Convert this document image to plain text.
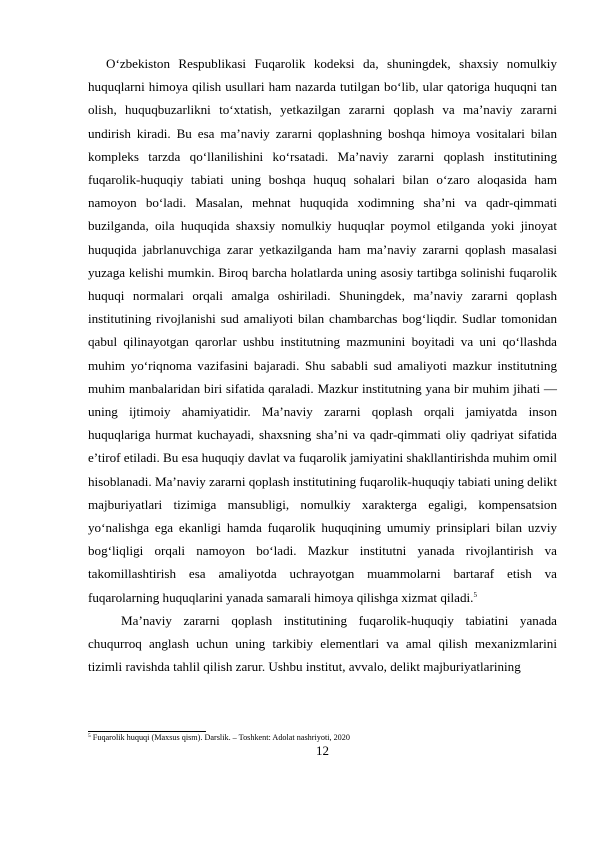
O‘zbekiston Respublikasi Fuqarolik kodeksi da, shuningdek, shaxsiy nomulkiy huquqlarni himoya qilish usullari ham nazarda tutilgan bo‘lib, ular qatoriga huquqni tan olish, huquqbuzarlikni to‘xtatish, yetkazilgan zararni qoplash va ma’naviy zararni undirish kiradi. Bu esa ma’naviy zararni qoplashning boshqa himoya vositalari bilan kompleks tarzda qo‘llanilishini ko‘rsatadi. Ma’naviy zararni qoplash institutining fuqarolik-huquqiy tabiati uning boshqa huquq sohalari bilan o‘zaro aloqasida ham namoyon bo‘ladi. Masalan, mehnat huquqida xodimning sha’ni va qadr-qimmati buzilganda, oila huquqida shaxsiy nomulkiy huquqlar poymol etilganda yoki jinoyat huquqida jabrlanuvchiga zarar yetkazilganda ham ma’naviy zararni qoplash masalasi yuzaga kelishi mumkin. Biroq barcha holatlarda uning asosiy tartibga solinishi fuqarolik huquqi normalari orqali amalga oshiriladi. Shuningdek, ma’naviy zararni qoplash institutining rivojlanishi sud amaliyoti bilan chambarchas bog‘liqdir. Sudlar tomonidan qabul qilinayotgan qarorlar ushbu institutning mazmunini boyitadi va uni qo‘llashda muhim yo‘riqnoma vazifasini bajaradi. Shu sababli sud amaliyoti mazkur institutning muhim manbalaridan biri sifatida qaraladi. Mazkur institutning yana bir muhim jihati — uning ijtimoiy ahamiyatidir. Ma’naviy zararni qoplash orqali jamiyatda inson huquqlariga hurmat kuchayadi, shaxsning sha’ni va qadr-qimmati oliy qadriyat sifatida e’tirof etiladi. Bu esa huquqiy davlat va fuqarolik jamiyatini shakllantirishda muhim omil hisoblanadi. Ma’naviy zararni qoplash institutining fuqarolik-huquqiy tabiati uning delikt majburiyatlari tizimiga mansubligi, nomulkiy xarakterga egaligi, kompensatsion yo‘nalishga ega ekanligi hamda fuqarolik huquqining umumiy prinsiplari bilan uzviy bog‘liqligi orqali namoyon bo‘ladi. Mazkur institutni yanada rivojlantirish va takomillashtirish esa amaliyotda uchrayotgan muammolarni bartaraf etish va fuqarolarning huquqlarini yanada samarali himoya qilishga xizmat qiladi.$^5$

Ma’naviy zararni qoplash institutining fuqarolik-huquqiy tabiatini yanada chuqurroq anglash uchun uning tarkibiy elementlari va amal qilish mexanizmlarini tizimli ravishda tahlil qilish zarur. Ushbu institut, avvalo, delikt majburiyatlarining

$^5$ Fuqarolik huquqi (Maxsus qism). Darslik. – Toshkent: Adolat nashriyoti, 2020
12
